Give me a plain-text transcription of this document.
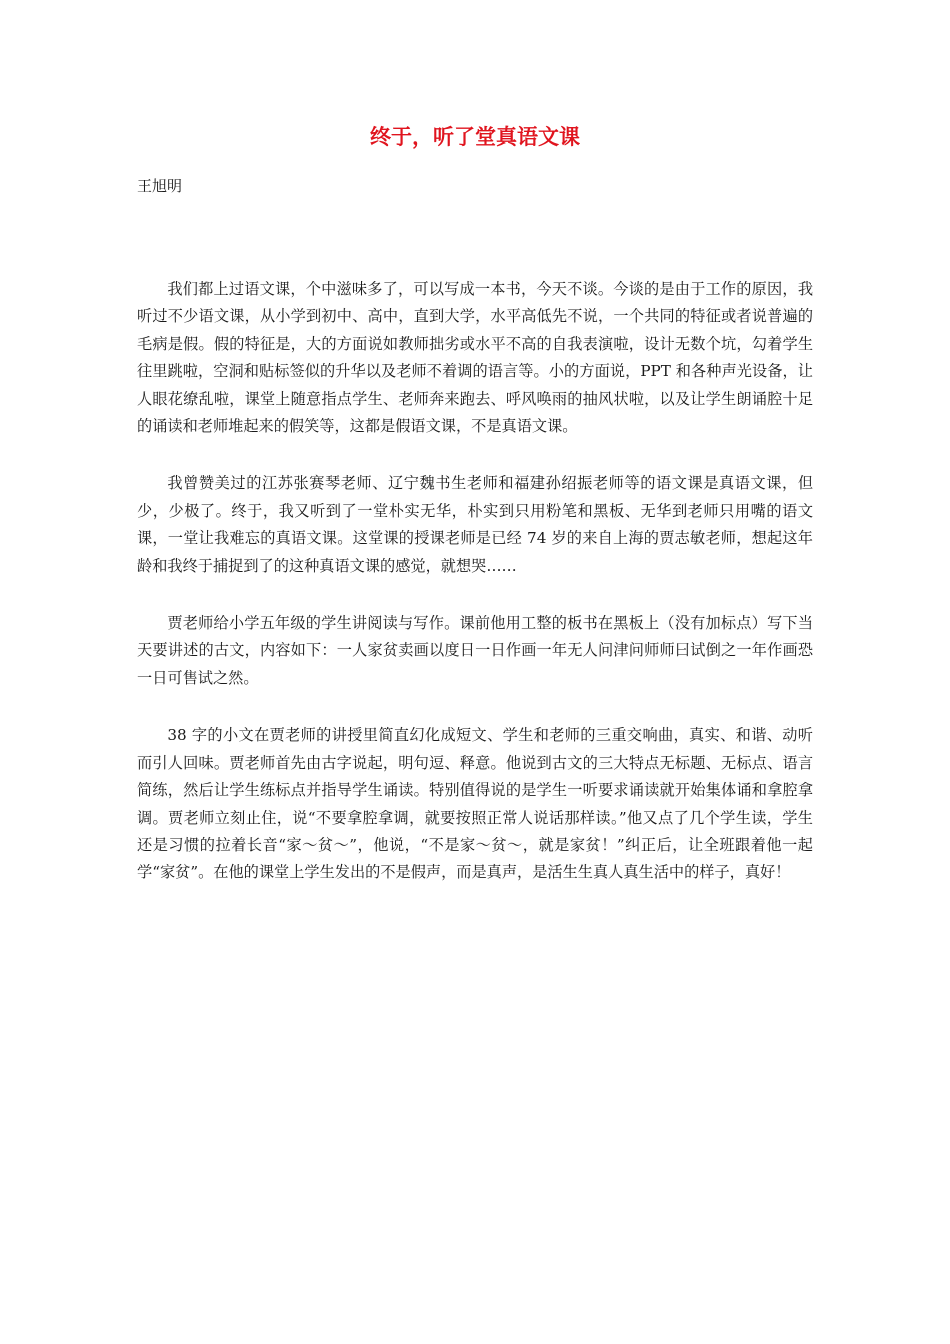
终于，听了堂真语文课
王旭明

我们都上过语文课，个中滋味多了，可以写成一本书，今天不谈。今谈的是由于工作的原因，我听过不少语文课，从小学到初中、高中，直到大学，水平高低先不说，一个共同的特征或者说普遍的毛病是假。假的特征是，大的方面说如教师拙劣或水平不高的自我表演啦，设计无数个坑，勾着学生往里跳啦，空洞和贴标签似的升华以及老师不着调的语言等。小的方面说，PPT 和各种声光设备，让人眼花缭乱啦，课堂上随意指点学生、老师奔来跑去、呼风唤雨的抽风状啦，以及让学生朗诵腔十足的诵读和老师堆起来的假笑等，这都是假语文课，不是真语文课。

我曾赞美过的江苏张赛琴老师、辽宁魏书生老师和福建孙绍振老师等的语文课是真语文课，但少，少极了。终于，我又听到了一堂朴实无华，朴实到只用粉笔和黑板、无华到老师只用嘴的语文课，一堂让我难忘的真语文课。这堂课的授课老师是已经 74 岁的来自上海的贾志敏老师，想起这年龄和我终于捕捉到了的这种真语文课的感觉，就想哭……

贾老师给小学五年级的学生讲阅读与写作。课前他用工整的板书在黑板上（没有加标点）写下当天要讲述的古文，内容如下：一人家贫卖画以度日一日作画一年无人问津问师师曰试倒之一年作画恐一日可售试之然。

38 字的小文在贾老师的讲授里简直幻化成短文、学生和老师的三重交响曲，真实、和谐、动听而引人回味。贾老师首先由古字说起，明句逗、释意。他说到古文的三大特点无标题、无标点、语言简练，然后让学生练标点并指导学生诵读。特别值得说的是学生一听要求诵读就开始集体诵和拿腔拿调。贾老师立刻止住，说“不要拿腔拿调，就要按照正常人说话那样读。”他又点了几个学生读，学生还是习惯的拉着长音“家～贫～”，他说，“不是家～贫～，就是家贫！”纠正后，让全班跟着他一起学“家贫”。在他的课堂上学生发出的不是假声，而是真声，是活生生真人真生活中的样子，真好！
